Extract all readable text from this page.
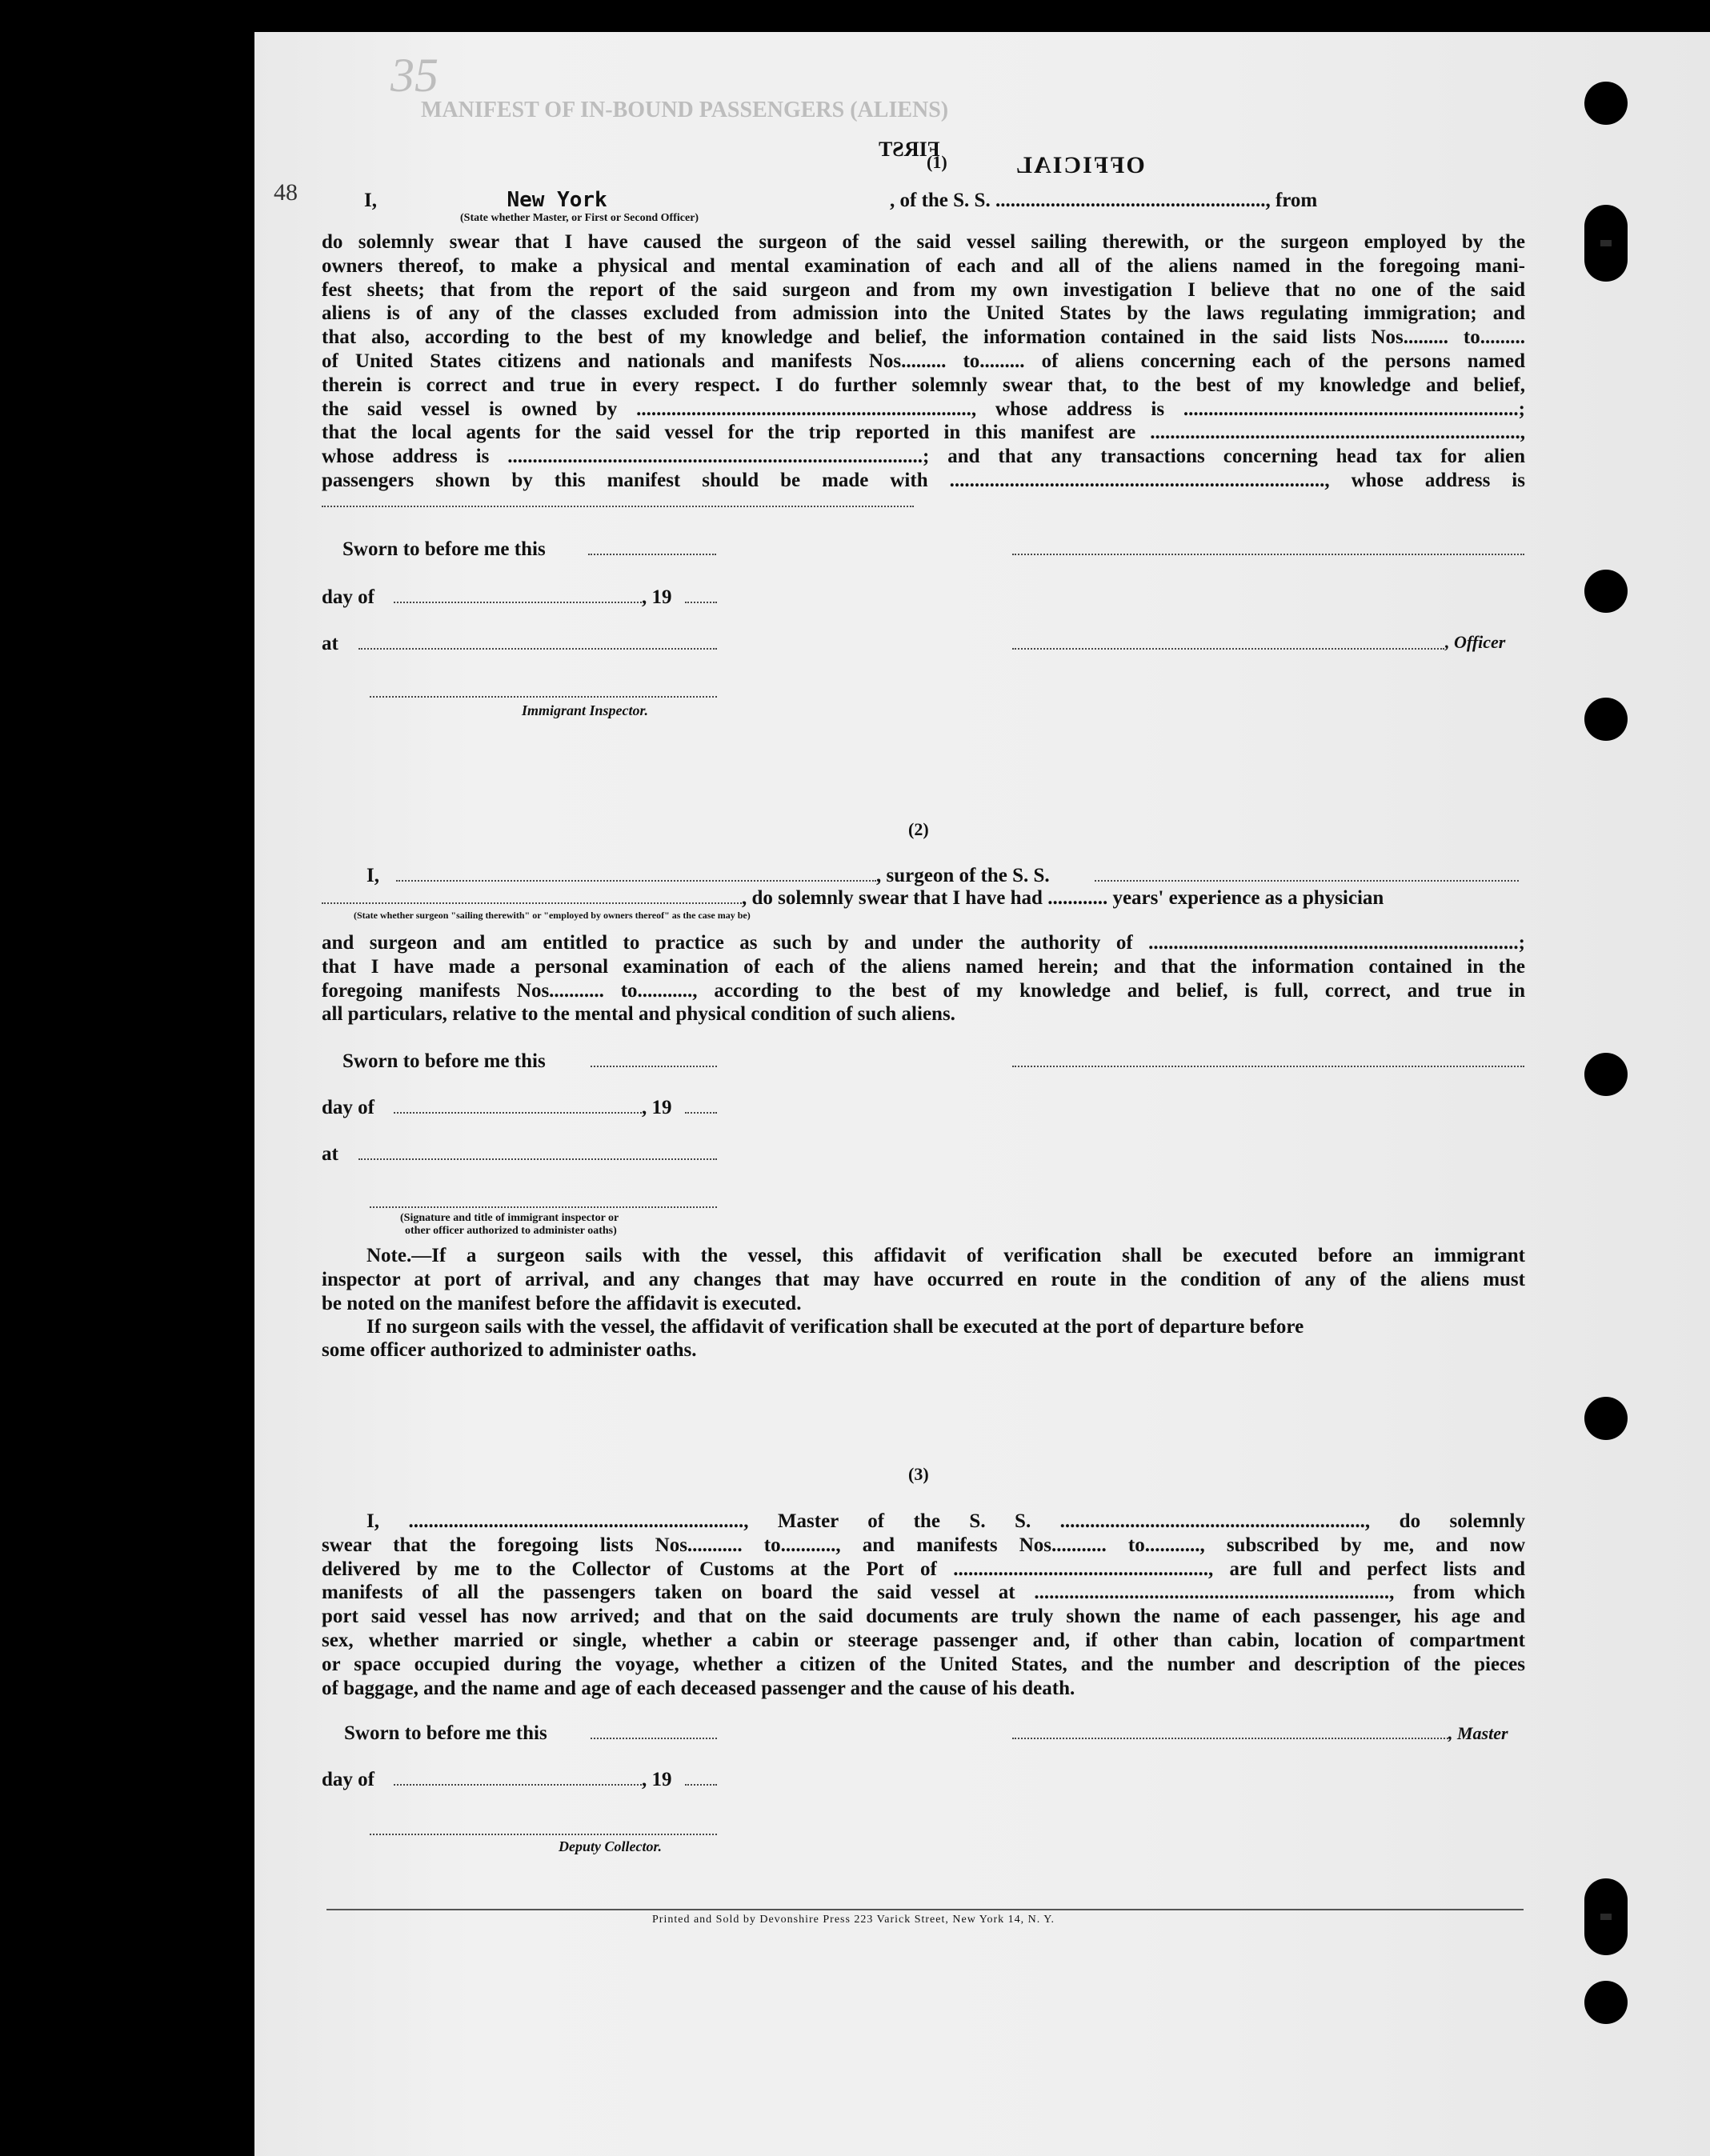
35
MANIFEST OF IN-BOUND PASSENGERS (ALIENS)
FIRST
(1)	OFFICIAL
48	I,	New York	, of the S. S. ......................................................, from
(State whether Master, or First or Second Officer)
do solemnly swear that I have caused the surgeon of the said vessel sailing therewith, or the surgeon employed by the
owners thereof, to make a physical and mental examination of each and all of the aliens named in the foregoing mani-
fest sheets; that from the report of the said surgeon and from my own investigation I believe that no one of the said
aliens is of any of the classes excluded from admission into the United States by the laws regulating immigration; and
that also, according to the best of my knowledge and belief, the information contained in the said lists Nos......... to.........
of United States citizens and nationals and manifests Nos......... to......... of aliens concerning each of the persons named
therein is correct and true in every respect. I do further solemnly swear that, to the best of my knowledge and belief,
the said vessel is owned by ..................................................................., whose address is ...................................................................;
that the local agents for the said vessel for the trip reported in this manifest are ..........................................................................,
whose address is ...................................................................................; and that any transactions concerning head tax for alien
passengers shown by this manifest should be made with ..........................................................................., whose address is
Sworn to before me this
day of	, 19
at	, Officer
Immigrant Inspector.
(2)
I,	, surgeon of the S. S.
, do solemnly swear that I have had ............ years' experience as a physician
(State whether surgeon "sailing therewith" or "employed by owners thereof" as the case may be)
and surgeon and am entitled to practice as such by and under the authority of ..........................................................................;
that I have made a personal examination of each of the aliens named herein; and that the information contained in the
foregoing manifests Nos........... to..........., according to the best of my knowledge and belief, is full, correct, and true in
all particulars, relative to the mental and physical condition of such aliens.
Sworn to before me this
day of	, 19
at
(Signature and title of immigrant inspector or
other officer authorized to administer oaths)
Note.—If a surgeon sails with the vessel, this affidavit of verification shall be executed before an immigrant
inspector at port of arrival, and any changes that may have occurred en route in the condition of any of the aliens must
be noted on the manifest before the affidavit is executed.
If no surgeon sails with the vessel, the affidavit of verification shall be executed at the port of departure before
some officer authorized to administer oaths.
(3)
I, ..................................................................., Master of the S. S. ............................................................., do solemnly
swear that the foregoing lists Nos........... to..........., and manifests Nos........... to..........., subscribed by me, and now
delivered by me to the Collector of Customs at the Port of ..................................................., are full and perfect lists and
manifests of all the passengers taken on board the said vessel at ......................................................................., from which
port said vessel has now arrived; and that on the said documents are truly shown the name of each passenger, his age and
sex, whether married or single, whether a cabin or steerage passenger and, if other than cabin, location of compartment
or space occupied during the voyage, whether a citizen of the United States, and the number and description of the pieces
of baggage, and the name and age of each deceased passenger and the cause of his death.
Sworn to before me this	, Master
day of	, 19
Deputy Collector.
Printed and Sold by Devonshire Press 223 Varick Street, New York 14, N. Y.
